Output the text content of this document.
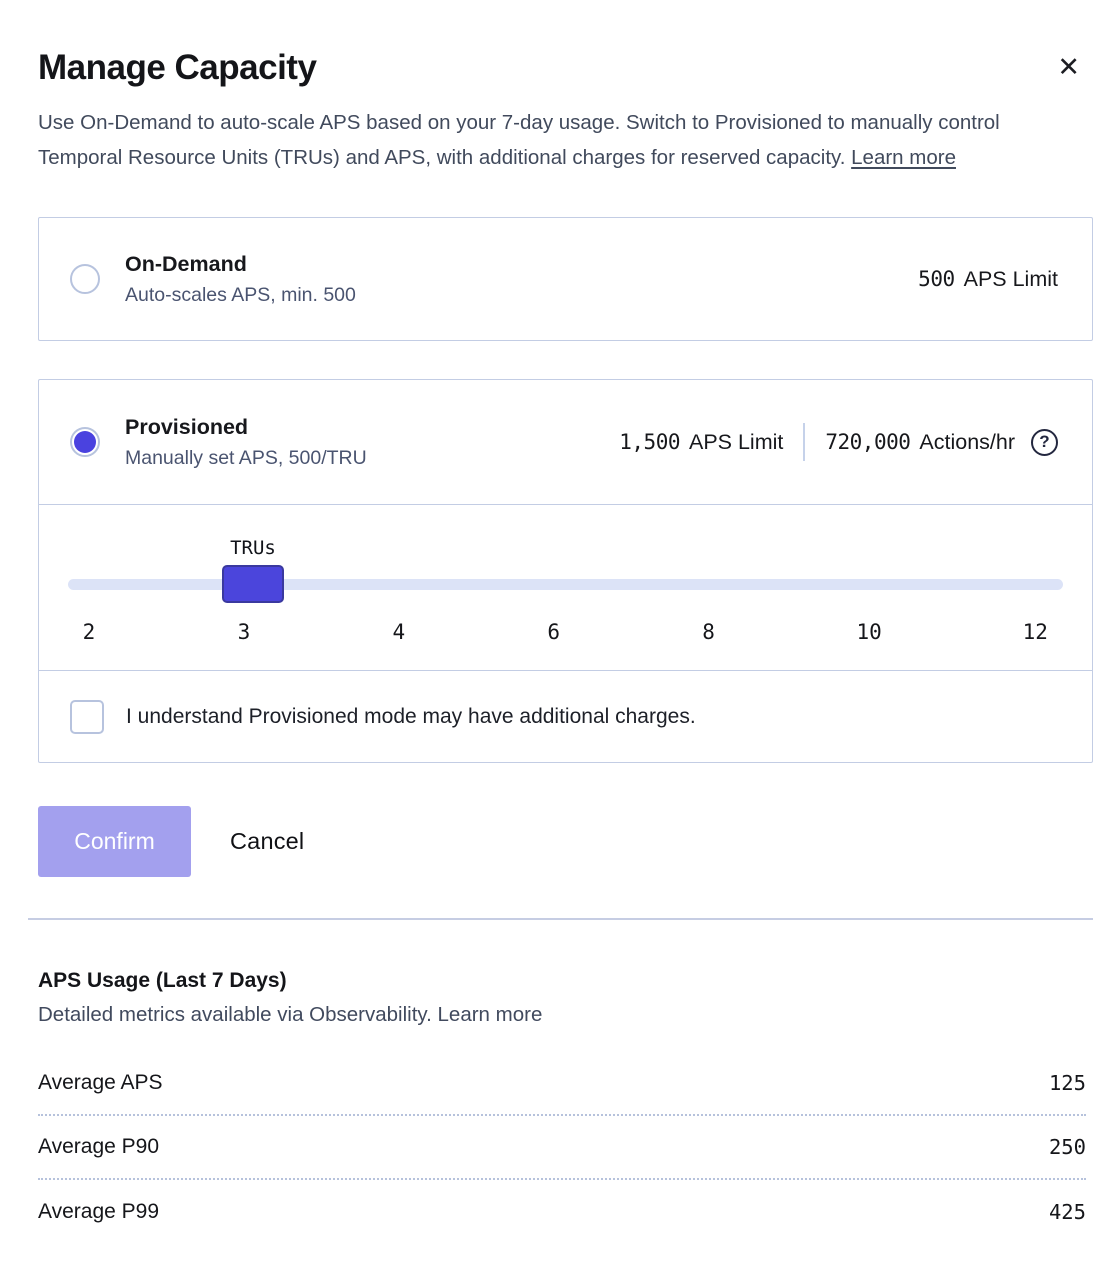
Manage Capacity	✕

Use On-Demand to auto-scale APS based on your 7-day usage. Switch to Provisioned to manually control Temporal Resource Units (TRUs) and APS, with additional charges for reserved capacity. Learn more

On-Demand
Auto-scales APS, min. 500
500 APS Limit
Provisioned
Manually set APS, 500/TRU
1,500 APS Limit 720,000 Actions/hr ?
TRUs
2	3	4	6	8	10	12
I understand Provisioned mode may have additional charges.
Confirm	Cancel
APS Usage (Last 7 Days)
Detailed metrics available via Observability. Learn more
Average APS	125
Average P90	250
Average P99	425
